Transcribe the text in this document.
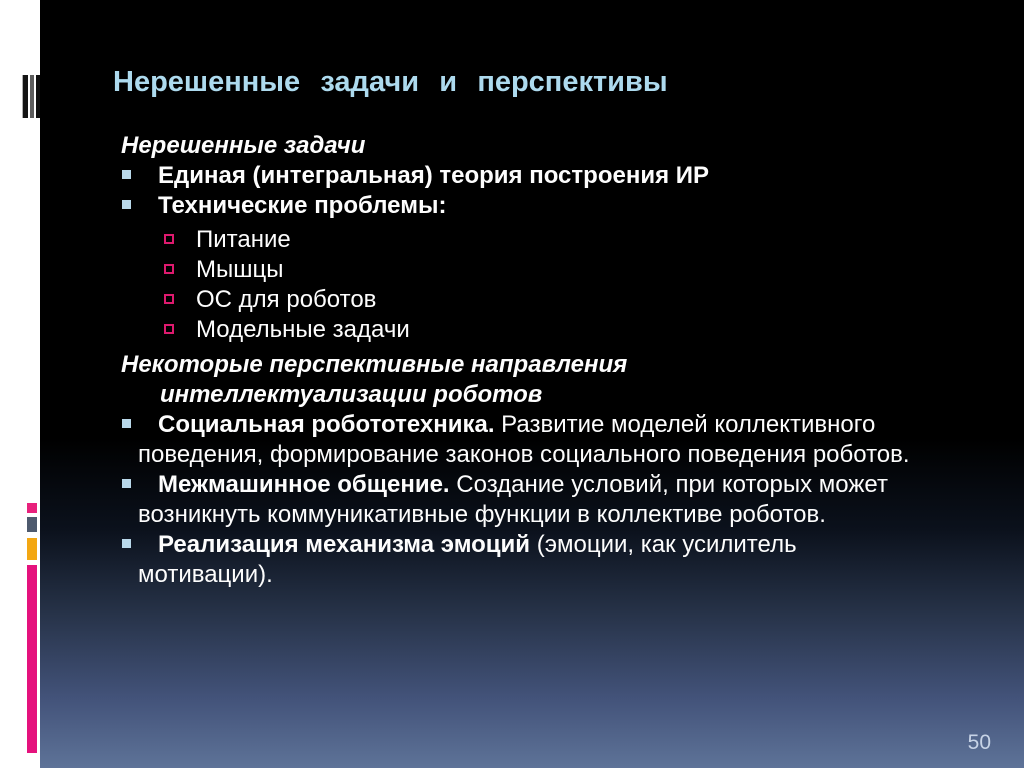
Нерешенные задачи и перспективы

Нерешенные задачи

Единая (интегральная) теория построения ИР

Технические проблемы:

Питание

Мышцы

ОС для роботов

Модельные задачи

Некоторые перспективные направления интеллектуализации роботов

Социальная робототехника. Развитие моделей коллективного поведения, формирование законов социального поведения роботов.

Межмашинное общение. Создание условий, при которых может возникнуть коммуникативные функции в коллективе роботов.

Реализация механизма эмоций (эмоции, как усилитель мотивации).

50
